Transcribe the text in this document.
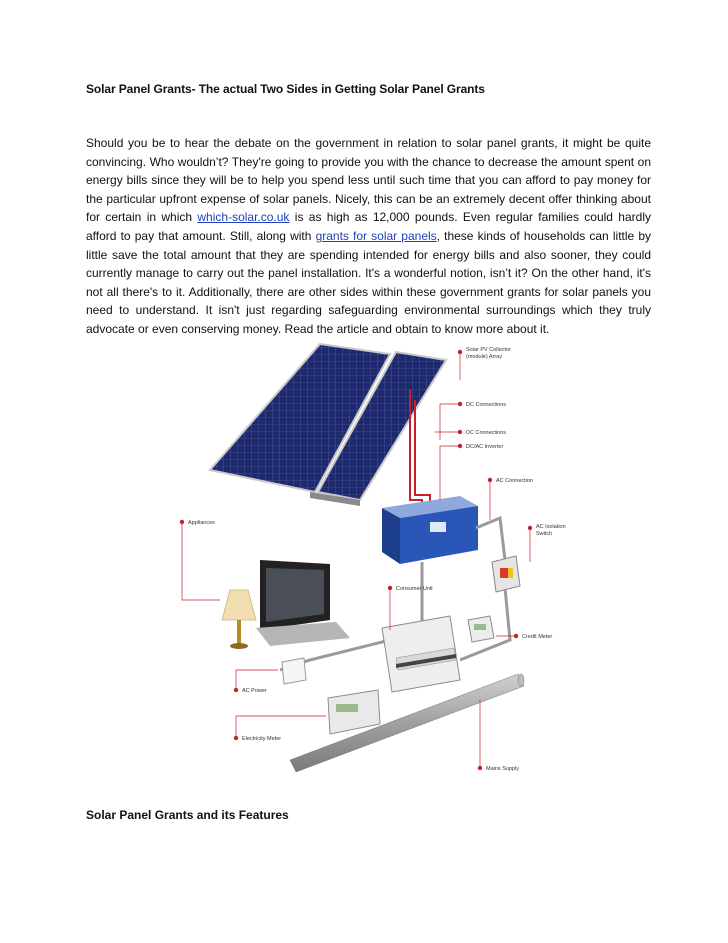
Solar Panel Grants- The actual Two Sides in Getting Solar Panel Grants

Should you be to hear the debate on the government in relation to solar panel grants, it might be quite convincing. Who wouldn’t? They're going to provide you with the chance to decrease the amount spent on energy bills since they will be to help you spend less until such time that you can afford to pay money for the particular upfront expense of solar panels. Nicely, this can be an extremely decent offer thinking about for certain in which which-solar.co.uk is as high as 12,000 pounds. Even regular families could hardly afford to pay that amount. Still, along with grants for solar panels, these kinds of households can little by little save the total amount that they are spending intended for energy bills and also sooner, they could currently manage to carry out the panel installation. It's a wonderful notion, isn’t it? On the other hand, it's not all there's to it. Additionally, there are other sides within these government grants for solar panels you need to understand. It isn't just regarding safeguarding environmental surroundings which they truly advocate or even conserving money. Read the article and obtain to know more about it.

Solar PV Collector
(module) Array
DC Connections
DC Connections
DC/AC Inverter
AC Connection
AC Isolation
Switch
Appliances
Consumer Unit
Credit Meter
AC Power
Electricity Meter
Mains Supply
Solar Panel Grants and its Features
